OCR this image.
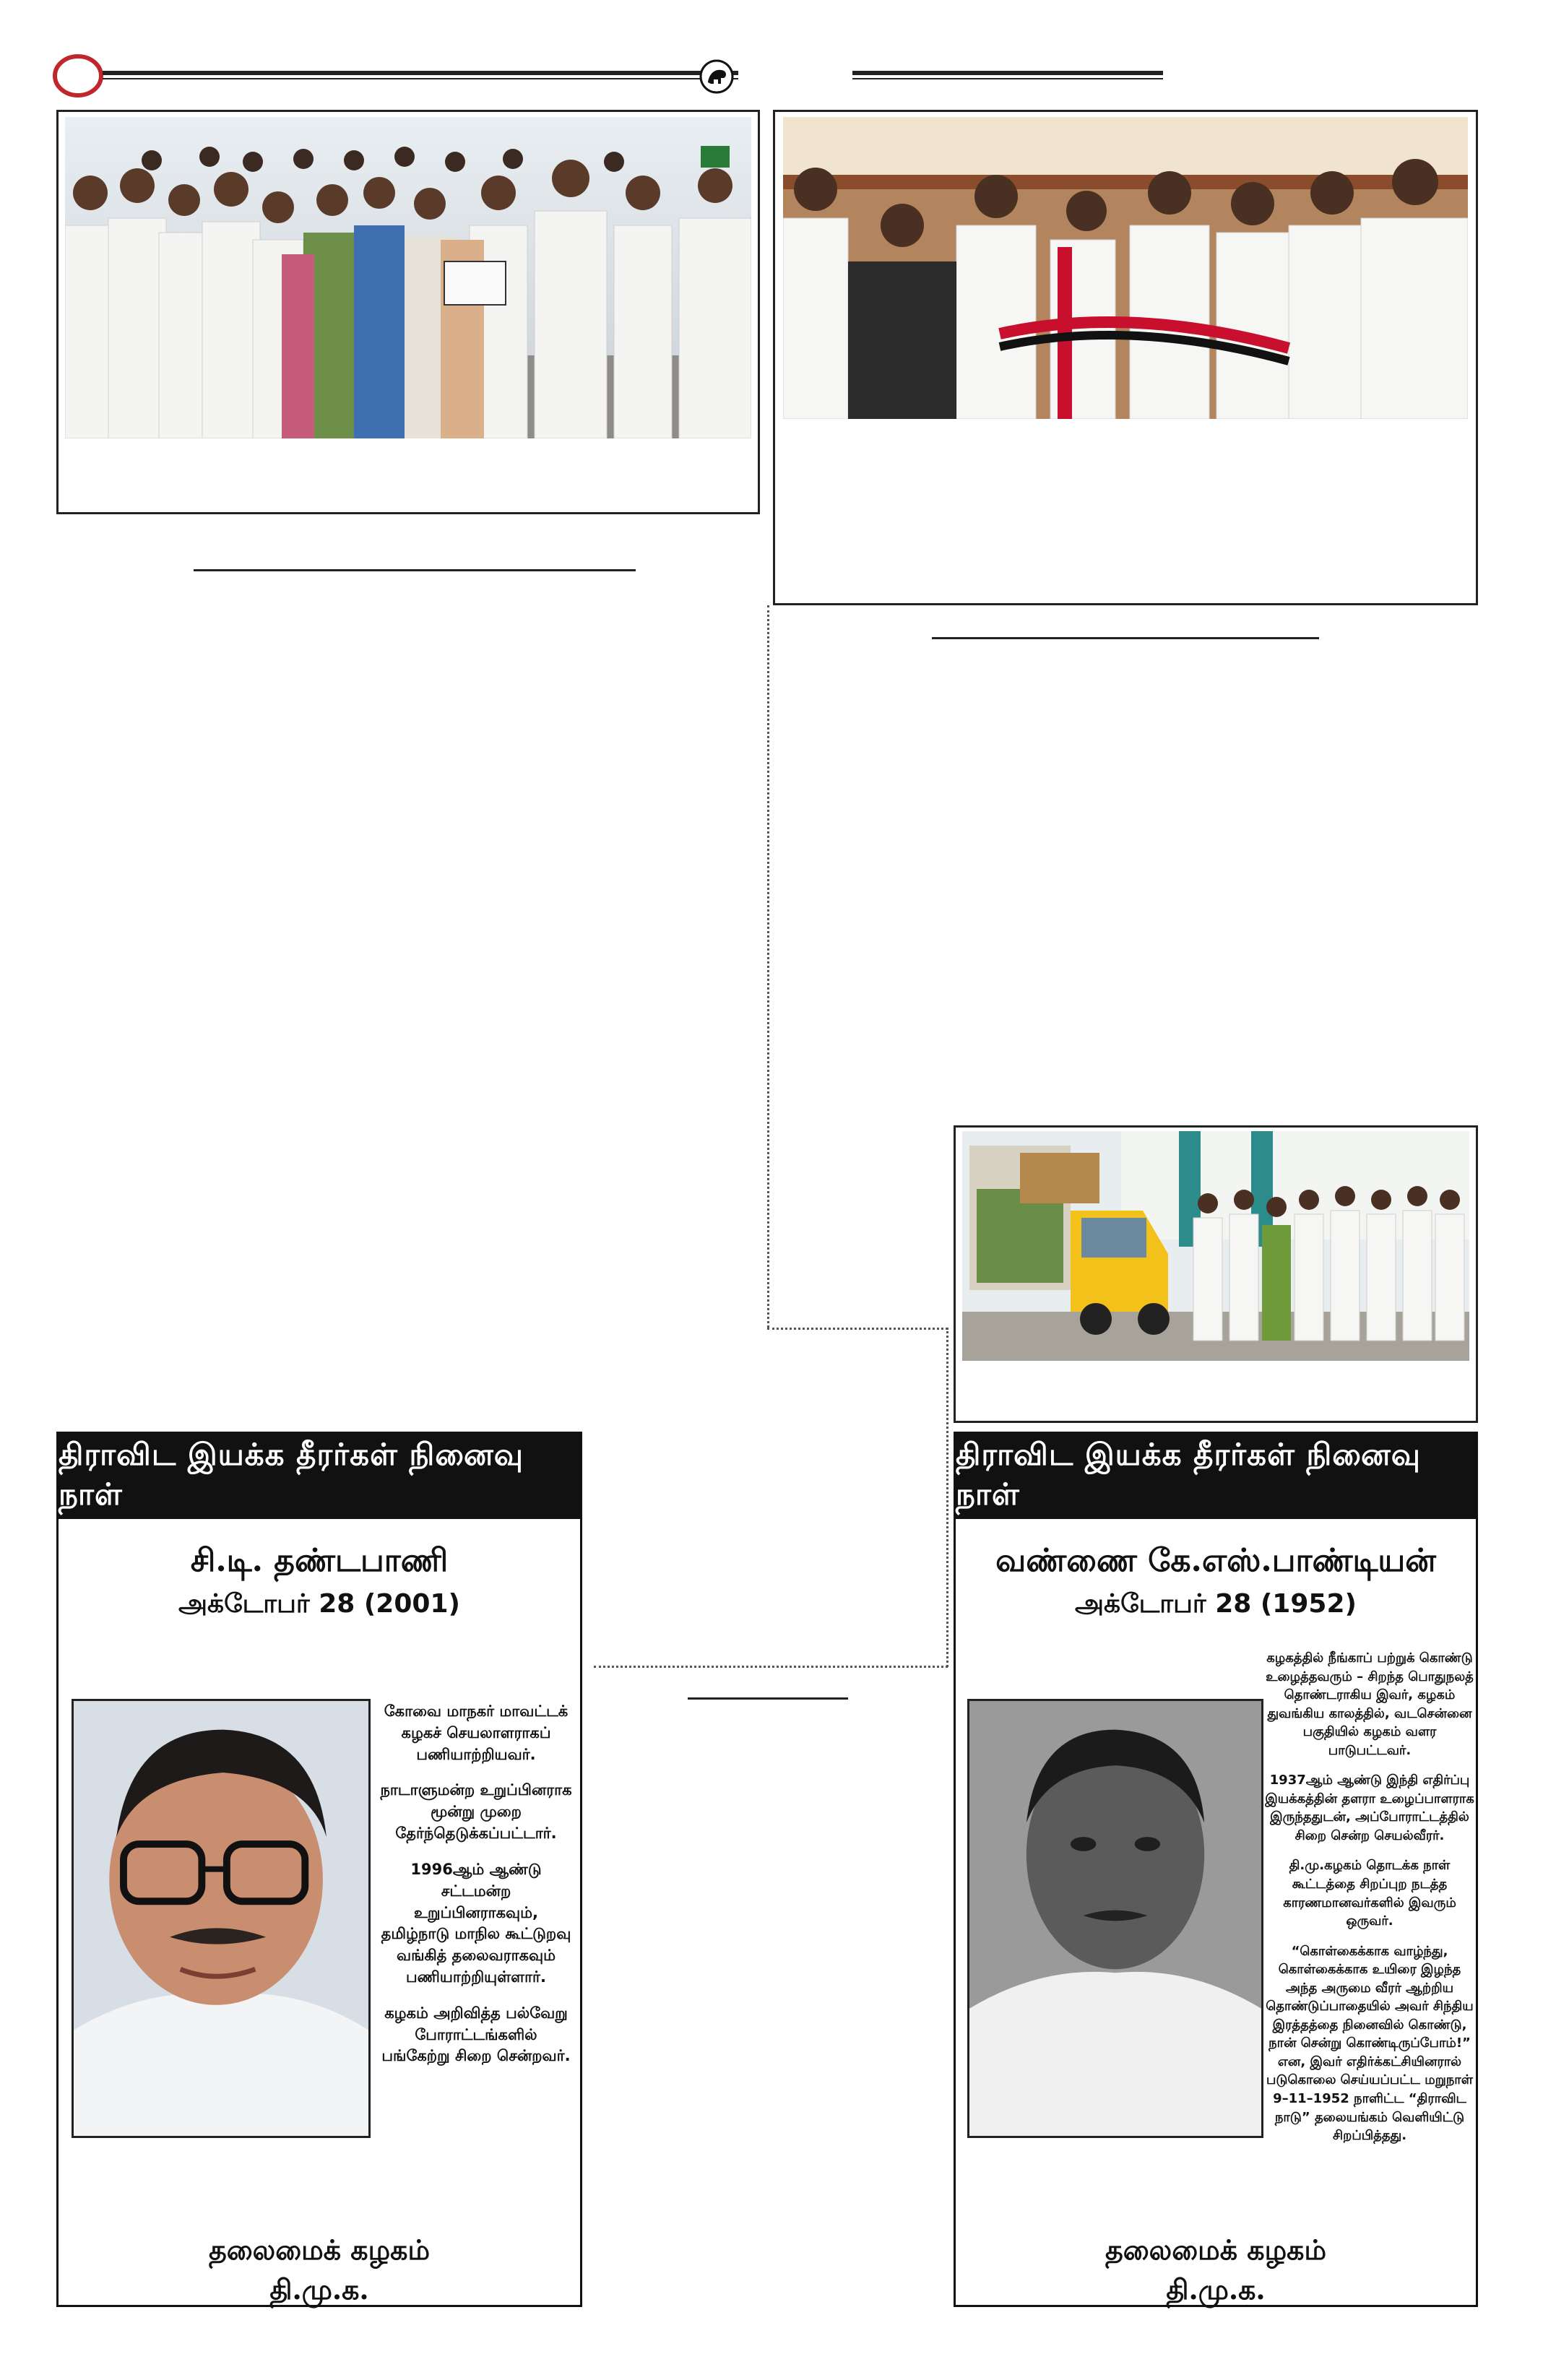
திராவிட இயக்க தீரர்கள் நினைவு நாள்
சி.டி. தண்டபாணி
அக்டோபர் 28 (2001)

கோவை மாநகர் மாவட்டக் கழகச் செயலாளராகப் பணியாற்றியவர்.

நாடாளுமன்ற உறுப்பினராக மூன்று முறை தேர்ந்தெடுக்கப்பட்டார்.

1996ஆம் ஆண்டு சட்டமன்ற உறுப்பினராகவும், தமிழ்நாடு மாநில கூட்டுறவு வங்கித் தலைவராகவும் பணியாற்றியுள்ளார்.

கழகம் அறிவித்த பல்வேறு போராட்டங்களில் பங்கேற்று சிறை சென்றவர்.

தலைமைக் கழகம்
தி.மு.க.
திராவிட இயக்க தீரர்கள் நினைவு நாள்
வண்ணை கே.எஸ்.பாண்டியன்
அக்டோபர் 28 (1952)

கழகத்தில் நீங்காப் பற்றுக் கொண்டு உழைத்தவரும் – சிறந்த பொதுநலத் தொண்டராகிய இவர், கழகம் துவங்கிய காலத்தில், வடசென்னை பகுதியில் கழகம் வளர பாடுபட்டவர்.

1937ஆம் ஆண்டு இந்தி எதிர்ப்பு இயக்கத்தின் தளரா உழைப்பாளராக இருந்ததுடன், அப்போராட்டத்தில் சிறை சென்ற செயல்வீரர்.

தி.மு.கழகம் தொடக்க நாள் கூட்டத்தை சிறப்புற நடத்த காரணமானவர்களில் இவரும் ஒருவர்.

“கொள்கைக்காக வாழ்ந்து, கொள்கைக்காக உயிரை இழந்த அந்த அருமை வீரர் ஆற்றிய தொண்டுப்பாதையில் அவர் சிந்திய இரத்தத்தை நினைவில் கொண்டு, நான் சென்று கொண்டிருப்போம்!” என, இவர் எதிர்க்கட்சியினரால் படுகொலை செய்யப்பட்ட மறுநாள் 9–11–1952 நாளிட்ட “திராவிட நாடு” தலையங்கம் வெளியிட்டு சிறப்பித்தது.

தலைமைக் கழகம்
தி.மு.க.
